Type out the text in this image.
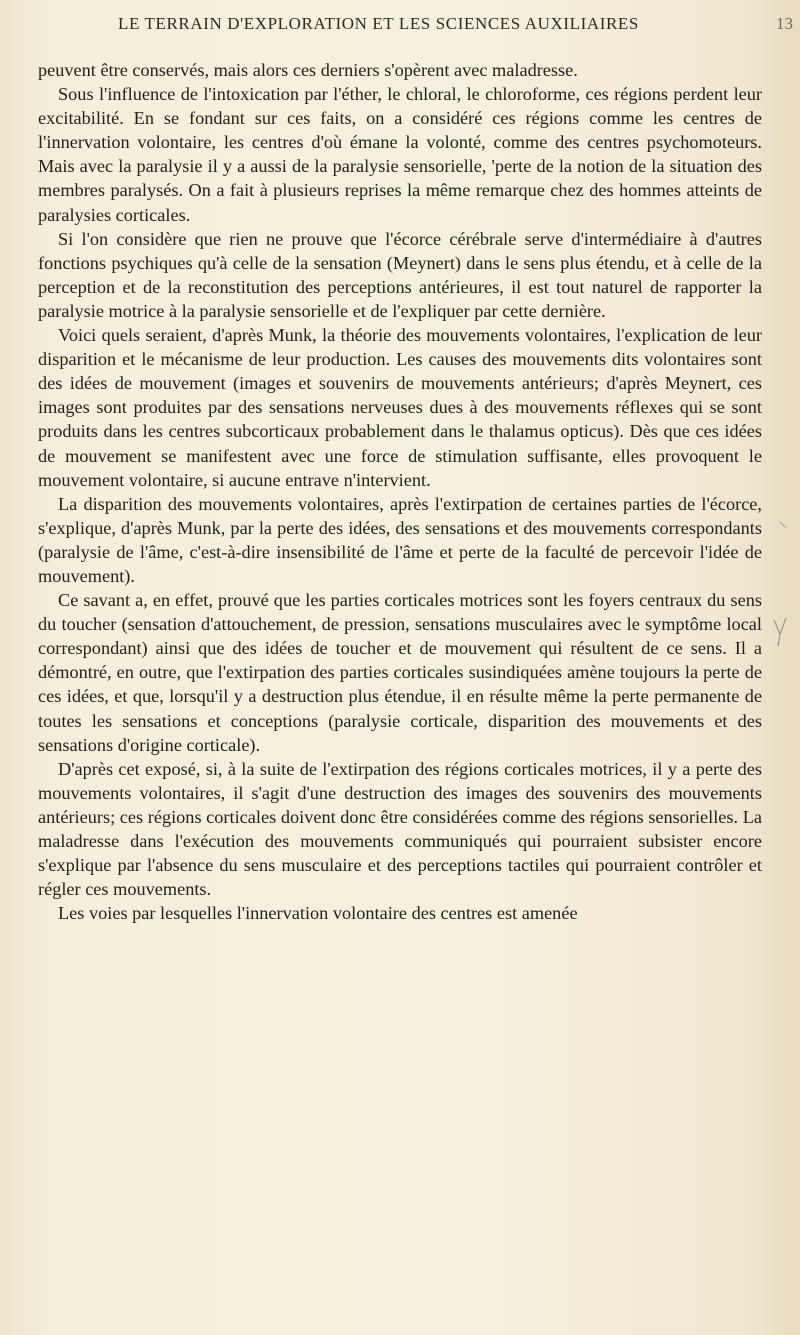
LE TERRAIN D'EXPLORATION ET LES SCIENCES AUXILIAIRES	13

peuvent être conservés, mais alors ces derniers s'opèrent avec maladresse.

Sous l'influence de l'intoxication par l'éther, le chloral, le chloroforme, ces régions perdent leur excitabilité. En se fondant sur ces faits, on a considéré ces régions comme les centres de l'innervation volontaire, les centres d'où émane la volonté, comme des centres psychomoteurs. Mais avec la paralysie il y a aussi de la paralysie sensorielle, 'perte de la notion de la situation des membres paralysés. On a fait à plusieurs reprises la même remarque chez des hommes atteints de paralysies corticales.

Si l'on considère que rien ne prouve que l'écorce cérébrale serve d'intermédiaire à d'autres fonctions psychiques qu'à celle de la sensation (Meynert) dans le sens plus étendu, et à celle de la perception et de la reconstitution des perceptions antérieures, il est tout naturel de rapporter la paralysie motrice à la paralysie sensorielle et de l'expliquer par cette dernière.

Voici quels seraient, d'après Munk, la théorie des mouvements volontaires, l'explication de leur disparition et le mécanisme de leur production. Les causes des mouvements dits volontaires sont des idées de mouvement (images et souvenirs de mouvements antérieurs; d'après Meynert, ces images sont produites par des sensations nerveuses dues à des mouvements réflexes qui se sont produits dans les centres subcorticaux probablement dans le thalamus opticus). Dès que ces idées de mouvement se manifestent avec une force de stimulation suffisante, elles provoquent le mouvement volontaire, si aucune entrave n'intervient.

La disparition des mouvements volontaires, après l'extirpation de certaines parties de l'écorce, s'explique, d'après Munk, par la perte des idées, des sensations et des mouvements correspondants (paralysie de l'âme, c'est-à-dire insensibilité de l'âme et perte de la faculté de percevoir l'idée de mouvement).

Ce savant a, en effet, prouvé que les parties corticales motrices sont les foyers centraux du sens du toucher (sensation d'attouchement, de pression, sensations musculaires avec le symptôme local correspondant) ainsi que des idées de toucher et de mouvement qui résultent de ce sens. Il a démontré, en outre, que l'extirpation des parties corticales susindiquées amène toujours la perte de ces idées, et que, lorsqu'il y a destruction plus étendue, il en résulte même la perte permanente de toutes les sensations et conceptions (paralysie corticale, disparition des mouvements et des sensations d'origine corticale).

D'après cet exposé, si, à la suite de l'extirpation des régions corticales motrices, il y a perte des mouvements volontaires, il s'agit d'une destruction des images des souvenirs des mouvements antérieurs; ces régions corticales doivent donc être considérées comme des régions sensorielles. La maladresse dans l'exécution des mouvements communiqués qui pourraient subsister encore s'explique par l'absence du sens musculaire et des perceptions tactiles qui pourraient contrôler et régler ces mouvements.

Les voies par lesquelles l'innervation volontaire des centres est amenée
